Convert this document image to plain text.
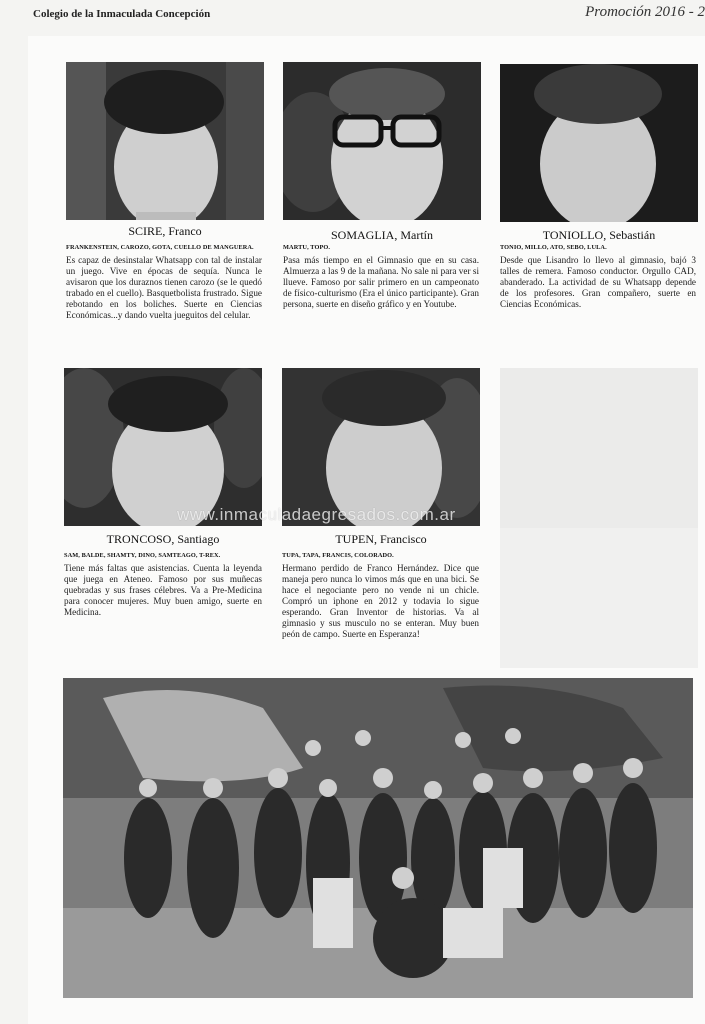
Colegio de la Inmaculada Concepción	Promoción 2016 - 2
SCIRE, Franco
FRANKENSTEIN, CAROZO, GOTA, CUELLO DE MANGUERA.
Es capaz de desinstalar Whatsapp con tal de instalar un juego. Vive en épocas de sequía. Nunca le avisaron que los duraznos tienen carozo (se le quedó trabado en el cuello). Basquetbolista frustrado. Sigue rebotando en los boliches. Suerte en Ciencias Económicas...y dando vuelta jueguitos del celular.
SOMAGLIA, Martín
MARTU, TOPO.
Pasa más tiempo en el Gimnasio que en su casa. Almuerza a las 9 de la mañana. No sale ni para ver si llueve. Famoso por salir primero en un campeonato de físico-culturismo (Era el único participante). Gran persona, suerte en diseño gráfico y en Youtube.
TONIOLLO, Sebastián
TONIO, MILLO, ATO, SEBO, LULA.
Desde que Lisandro lo llevo al gimnasio, bajó 3 talles de remera. Famoso conductor. Orgullo CAD, abanderado. La actividad de su Whatsapp depende de los profesores. Gran compañero, suerte en Ciencias Económicas.
TRONCOSO, Santiago
SAM, BALDE, SHAMTY, DINO, SAMTEAGO, T-REX.
Tiene más faltas que asistencias. Cuenta la leyenda que juega en Ateneo. Famoso por sus muñecas quebradas y sus frases célebres. Va a Pre-Medicina para conocer mujeres. Muy buen amigo, suerte en Medicina.
TUPEN, Francisco
TUPA, TAPA, FRANCIS, COLORADO.
Hermano perdido de Franco Hernández. Dice que maneja pero nunca lo vimos más que en una bici. Se hace el negociante pero no vende ni un chicle. Compró un iphone en 2012 y todavia lo sigue esperando. Gran Inventor de historias. Va al gimnasio y sus musculo no se enteran. Muy buen peón de campo. Suerte en Esperanza!
www.inmaculadaegresados.com.ar
